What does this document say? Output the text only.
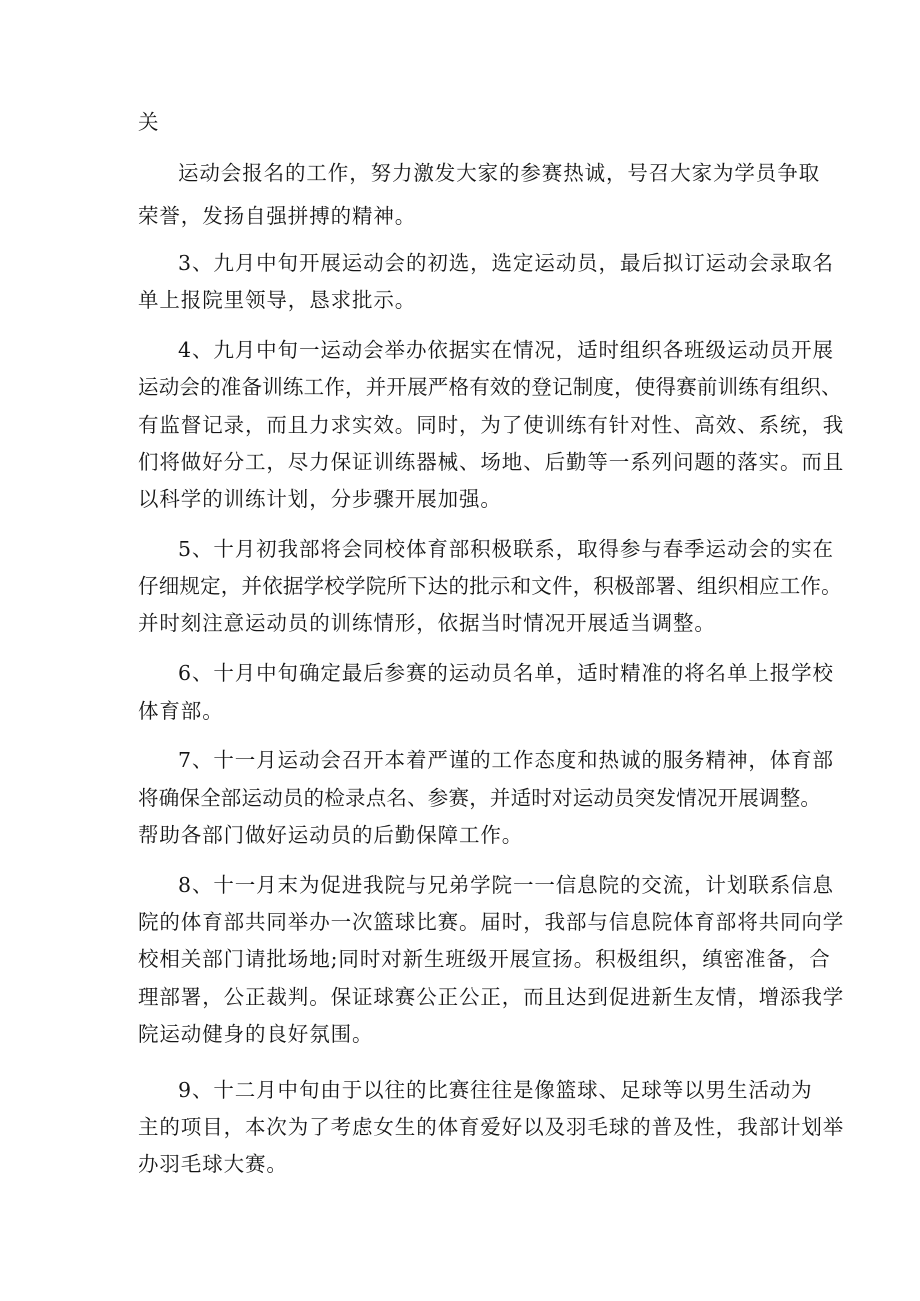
关
运动会报名的工作，努力激发大家的参赛热诚，号召大家为学员争取
荣誉，发扬自强拼搏的精神。
3、九月中旬开展运动会的初选，选定运动员，最后拟订运动会录取名
单上报院里领导，恳求批示。
4、九月中旬一运动会举办依据实在情况，适时组织各班级运动员开展
运动会的准备训练工作，并开展严格有效的登记制度，使得赛前训练有组织、
有监督记录，而且力求实效。同时，为了使训练有针对性、高效、系统，我
们将做好分工，尽力保证训练器械、场地、后勤等一系列问题的落实。而且
以科学的训练计划，分步骤开展加强。
5、十月初我部将会同校体育部积极联系，取得参与春季运动会的实在
仔细规定，并依据学校学院所下达的批示和文件，积极部署、组织相应工作。
并时刻注意运动员的训练情形，依据当时情况开展适当调整。
6、十月中旬确定最后参赛的运动员名单，适时精准的将名单上报学校
体育部。
7、十一月运动会召开本着严谨的工作态度和热诚的服务精神，体育部
将确保全部运动员的检录点名、参赛，并适时对运动员突发情况开展调整。
帮助各部门做好运动员的后勤保障工作。
8、十一月末为促进我院与兄弟学院一一信息院的交流，计划联系信息
院的体育部共同举办一次篮球比赛。届时，我部与信息院体育部将共同向学
校相关部门请批场地;同时对新生班级开展宣扬。积极组织，缜密准备，合
理部署，公正裁判。保证球赛公正公正，而且达到促进新生友情，增添我学
院运动健身的良好氛围。
9、十二月中旬由于以往的比赛往往是像篮球、足球等以男生活动为
主的项目，本次为了考虑女生的体育爱好以及羽毛球的普及性，我部计划举
办羽毛球大赛。
